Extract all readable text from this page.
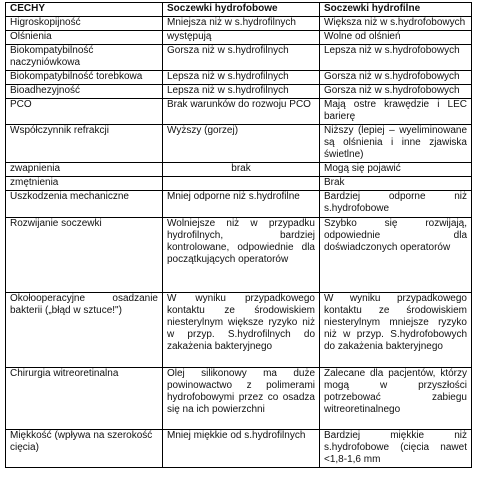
CECHY	Soczewki hydrofobowe	Soczewki hydrofilne
Higroskopijność	Mniejsza niż w s.hydrofilnych	Większa niż w s.hydrofobowych
Olśnienia	występują	Wolne od olśnień
Biokompatybilność naczyniówkowa	Gorsza niż w s.hydrofilnych	Lepsza niż w s.hydrofobowych
Biokompatybilność torebkowa	Lepsza niż w s.hydrofilnych	Gorsza niż w s.hydrofobowych
Bioadhezyjność	Lepsza niż w s.hydrofilnych	Gorsza niż w s.hydrofobowych
PCO	Brak warunków do rozwoju PCO	Mają ostre krawędzie i LEC barierę
Współczynnik refrakcji	Wyższy (gorzej)	Niższy (lepiej – wyeliminowane są olśnienia i inne zjawiska świetlne)
zwapnienia	brak	Mogą się pojawić
zmętnienia		Brak
Uszkodzenia mechaniczne	Mniej odporne niż s.hydrofilne	Bardziej odporne niż s.hydrofobowe
Rozwijanie soczewki	Wolniejsze niż w przypadku hydrofilnych, bardziej kontrolowane, odpowiednie dla początkujących operatorów	Szybko się rozwijają, odpowiednie dla doświadczonych operatorów
Okołooperacyjne osadzanie bakterii („błąd w sztuce!")	W wyniku przypadkowego kontaktu ze środowiskiem niesterylnym większe ryzyko niż w przyp. S.hydrofilnych do zakażenia bakteryjnego	W wyniku przypadkowego kontaktu ze środowiskiem niesterylnym mniejsze ryzyko niż w przyp. S.hydrofobowych do zakażenia bakteryjnego
Chirurgia witreoretinalna	Olej silikonowy ma duże powinowactwo z polimerami hydrofobowymi przez co osadza się na ich powierzchni	Zalecane dla pacjentów, którzy mogą w przyszłości potrzebować zabiegu witreoretinalnego
Miękkość (wpływa na szerokość cięcia)	Mniej miękkie od s.hydrofilnych	Bardziej miękkie niż s.hydrofobowe (cięcia nawet <1,8-1,6 mm
